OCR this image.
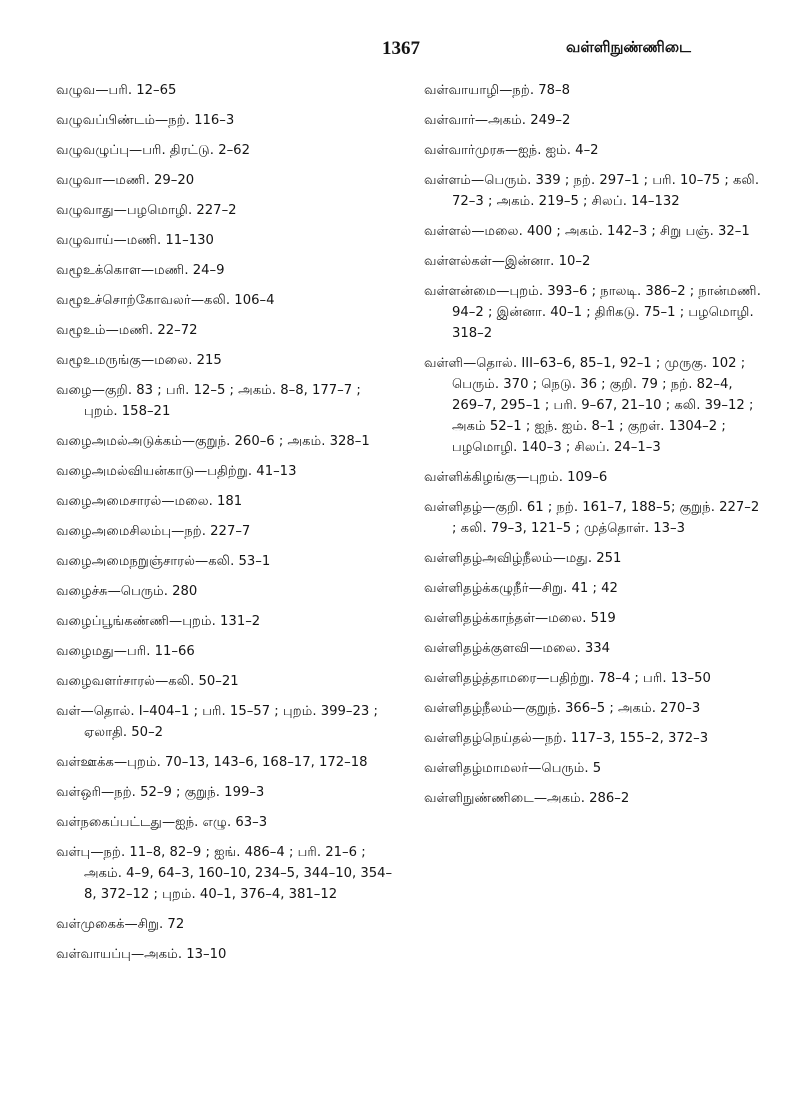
1367	வள்ளிநுண்ணிடை
வழுவ—பரி. 12–65
வழுவப்பிண்டம்—நற். 116–3
வழுவழுப்பு—பரி. திரட்டு. 2–62
வழுவா—மணி. 29–20
வழுவாது—பழமொழி. 227–2
வழுவாய்—மணி. 11–130
வழூஉக்கொள—மணி. 24–9
வழூஉச்சொற்கோவலர்—கலி. 106–4
வழூஉம்—மணி. 22–72
வழூஉமருங்கு—மலை. 215
வழை—குறி. 83 ; பரி. 12–5 ; அகம். 8–8, 177–7 ; புறம். 158–21
வழைஅமல்அடுக்கம்—குறுந். 260–6 ; அகம். 328–1
வழைஅமல்வியன்காடு—பதிற்று. 41–13
வழைஅமைசாரல்—மலை. 181
வழைஅமைசிலம்பு—நற். 227–7
வழைஅமைநறுஞ்சாரல்—கலி. 53–1
வழைச்சு—பெரும். 280
வழைப்பூங்கண்ணி—புறம். 131–2
வழைமது—பரி. 11–66
வழைவளர்சாரல்—கலி. 50–21
வள்—தொல். I–404–1 ; பரி. 15–57 ; புறம். 399–23 ; ஏலாதி. 50–2
வள்ஊக்க—புறம். 70–13, 143–6, 168–17, 172–18
வள்ஒரி—நற். 52–9 ; குறுந். 199–3
வள்நகைப்பட்டது—ஐந். எழு. 63–3
வள்பு—நற். 11–8, 82–9 ; ஐங். 486–4 ; பரி. 21–6 ; அகம். 4–9, 64–3, 160–10, 234–5, 344–10, 354–8, 372–12 ; புறம். 40–1, 376–4, 381–12
வள்முகைக்—சிறு. 72
வள்வாயப்பு—அகம். 13–10
வள்வாயாழி—நற். 78–8
வள்வார்—அகம். 249–2
வள்வார்முரசு—ஐந். ஐம். 4–2
வள்ளம்—பெரும். 339 ; நற். 297–1 ; பரி. 10–75 ; கலி. 72–3 ; அகம். 219–5 ; சிலப். 14–132
வள்ளல்—மலை. 400 ; அகம். 142–3 ; சிறு பஞ். 32–1
வள்ளல்கள்—இன்னா. 10–2
வள்ளன்மை—புறம். 393–6 ; நாலடி. 386–2 ; நான்மணி. 94–2 ; இன்னா. 40–1 ; திரிகடு. 75–1 ; பழமொழி. 318–2
வள்ளி—தொல். III–63–6, 85–1, 92–1 ; முருகு. 102 ; பெரும். 370 ; நெடு. 36 ; குறி. 79 ; நற். 82–4, 269–7, 295–1 ; பரி. 9–67, 21–10 ; கலி. 39–12 ; அகம் 52–1 ; ஐந். ஐம். 8–1 ; குறள். 1304–2 ; பழமொழி. 140–3 ; சிலப். 24–1–3
வள்ளிக்கிழங்கு—புறம். 109–6
வள்ளிதழ்—குறி. 61 ; நற். 161–7, 188–5; குறுந். 227–2 ; கலி. 79–3, 121–5 ; முத்தொள். 13–3
வள்ளிதழ்அவிழ்நீலம்—மது. 251
வள்ளிதழ்க்கழுநீர்—சிறு. 41 ; 42
வள்ளிதழ்க்காந்தள்—மலை. 519
வள்ளிதழ்க்குளவி—மலை. 334
வள்ளிதழ்த்தாமரை—பதிற்று. 78–4 ; பரி. 13–50
வள்ளிதழ்நீலம்—குறுந். 366–5 ; அகம். 270–3
வள்ளிதழ்நெய்தல்—நற். 117–3, 155–2, 372–3
வள்ளிதழ்மாமலர்—பெரும். 5
வள்ளிநுண்ணிடை—அகம். 286–2
